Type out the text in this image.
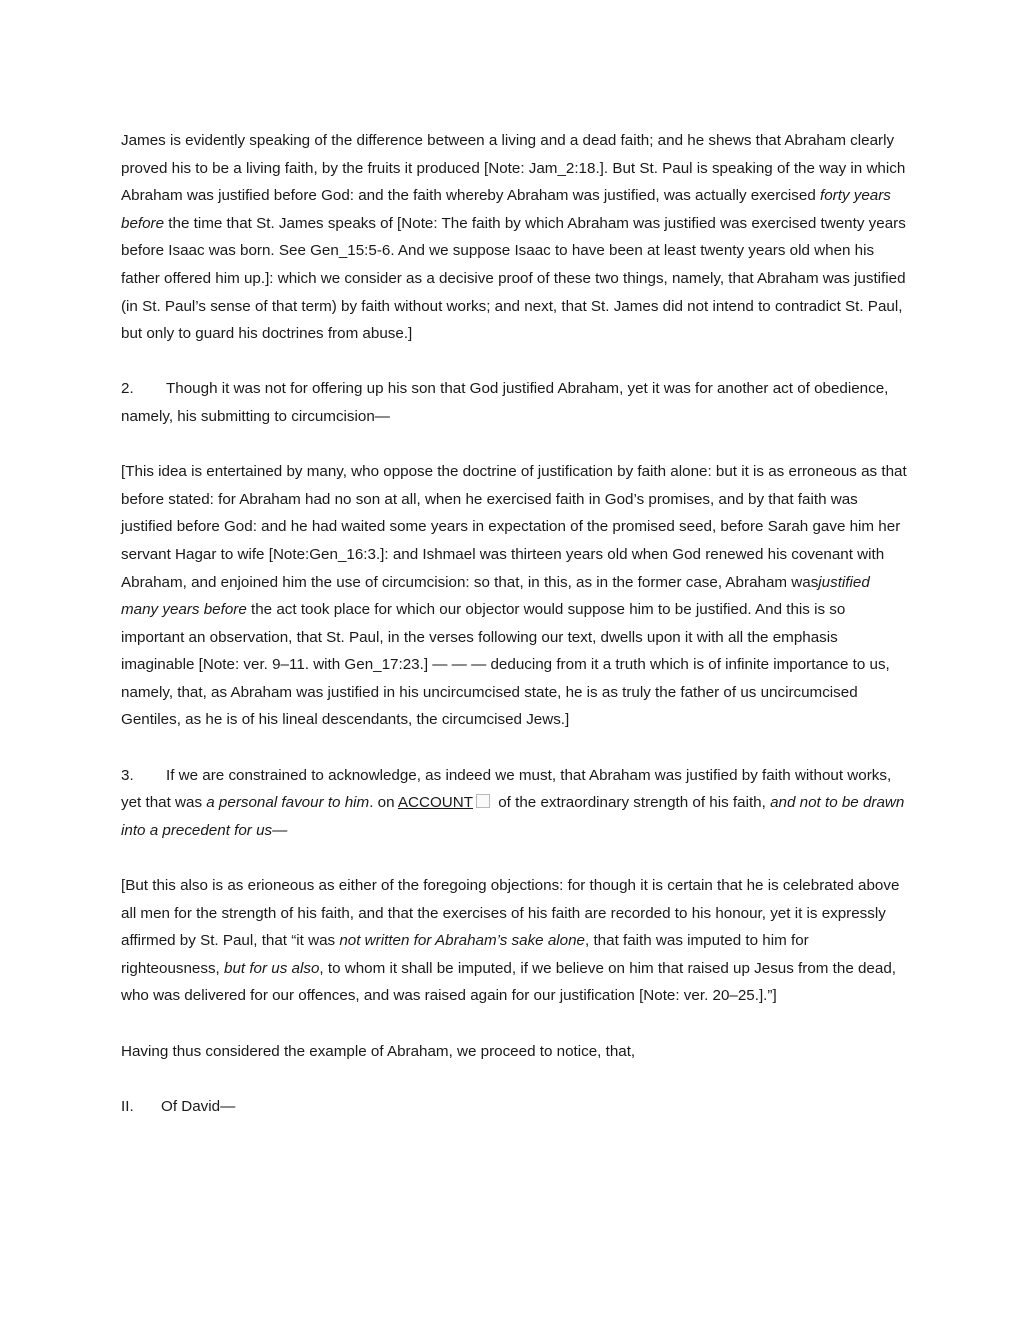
James is evidently speaking of the difference between a living and a dead faith; and he shews that Abraham clearly proved his to be a living faith, by the fruits it produced [Note: Jam_2:18.]. But St. Paul is speaking of the way in which Abraham was justified before God: and the faith whereby Abraham was justified, was actually exercised forty years before the time that St. James speaks of [Note: The faith by which Abraham was justified was exercised twenty years before Isaac was born. See Gen_15:5-6. And we suppose Isaac to have been at least twenty years old when his father offered him up.]: which we consider as a decisive proof of these two things, namely, that Abraham was justified (in St. Paul’s sense of that term) by faith without works; and next, that St. James did not intend to contradict St. Paul, but only to guard his doctrines from abuse.]

2. Though it was not for offering up his son that God justified Abraham, yet it was for another act of obedience, namely, his submitting to circumcision—

[This idea is entertained by many, who oppose the doctrine of justification by faith alone: but it is as erroneous as that before stated: for Abraham had no son at all, when he exercised faith in God’s promises, and by that faith was justified before God: and he had waited some years in expectation of the promised seed, before Sarah gave him her servant Hagar to wife [Note:Gen_16:3.]: and Ishmael was thirteen years old when God renewed his covenant with Abraham, and enjoined him the use of circumcision: so that, in this, as in the former case, Abraham wasjustified many years before the act took place for which our objector would suppose him to be justified. And this is so important an observation, that St. Paul, in the verses following our text, dwells upon it with all the emphasis imaginable [Note: ver. 9–11. with Gen_17:23.] — — — deducing from it a truth which is of infinite importance to us, namely, that, as Abraham was justified in his uncircumcised state, he is as truly the father of us uncircumcised Gentiles, as he is of his lineal descendants, the circumcised Jews.]

3. If we are constrained to acknowledge, as indeed we must, that Abraham was justified by faith without works, yet that was a personal favour to him. on ACCOUNT of the extraordinary strength of his faith, and not to be drawn into a precedent for us—

[But this also is as erioneous as either of the foregoing objections: for though it is certain that he is celebrated above all men for the strength of his faith, and that the exercises of his faith are recorded to his honour, yet it is expressly affirmed by St. Paul, that “it was not written for Abraham’s sake alone, that faith was imputed to him for righteousness, but for us also, to whom it shall be imputed, if we believe on him that raised up Jesus from the dead, who was delivered for our offences, and was raised again for our justification [Note: ver. 20–25.].”]

Having thus considered the example of Abraham, we proceed to notice, that,

II. Of David—
